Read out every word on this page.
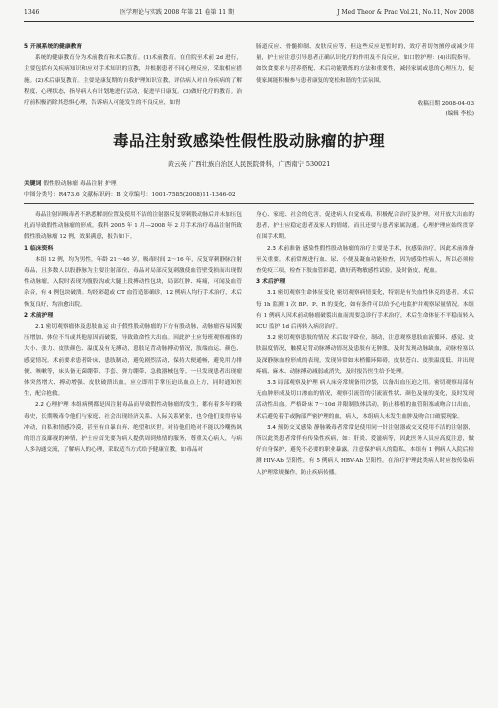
1346	医学理论与实践 2008 年第 21 卷第 11 期	J Med Theor & Prac Vol.21, No.11, Nov 2008
5 开展系统的健康教育

系统的健康教育分为术前教育和术后教育。(1)术前教育。在住院至术前 2d 进行，主要包括有关疾病知识和应对手术知识的宣教，并根据患者不同心理反应，采取相应措施。(2)术后康复教育。主要是康复期的自我护理知识宣教，评估病人对自身疾病的了解程度、心理状态，指导病人有计划地进行活动，促进早日康复。(3)做好化疗的教育。治疗前积极消除其恐惧心理，告诉病人可能发生的不良反应，如胃

肠道反应、骨髓抑制、皮肤反应等，但这些反应是暂时的，效疗者切勿擅停或减少用量，护士应注意引导患者正确认识化疗的作用及不良反应，如口腔护理：(4)出院指导。如饮食要求与营养搭配、术后功能锻炼的方法和重要性，减轻家属或患的心理压力，促使家属能积极参与患者康复的宽松和谐的生活氛围。

收稿日期 2008-04-03
(编辑 李松)
毒品注射致感染性假性股动脉瘤的护理
黄云英 广西壮族自治区人民医院骨科，广西南宁 530021
关键词 假性股动脉瘤 毒品注射 护理
中图分类号：R473.6 文献标识码：B 文章编号：1001-7585(2008)11-1346-02

毒品注射因吸毒者不熟悉解剖位置及使用不洁的注射器反复穿刺股动脉后并未加压包扎而导致假性动脉瘤的形成。我科 2005 年 1 月—2008 年 2 月手术治疗毒品注射所致假性股动脉瘤 12 例，效果满意，报告如下。

1 临床资料

本组 12 例，均为男性，年龄 21～46 岁，吸毒时间 2～16 年，反复穿刺静脉注射毒品，且多数人以股静脉为主要注射部位，毒品对局部反复刺激使血管壁受损而出现假性动脉瘤。入院时表现为腹股沟或大腿上段搏动性包块，局部红肿、疼痛，可闻及血管杂音，有 4 例包块破溃。均经彩超或 CT 血管造影确诊，12 例病人均行手术治疗，术后恢复良好，均治愈出院。

2 术前护理

2.1 密切观察瘤体及患肢血运 由于假性股动脉瘤的下方有股动脉，动脉瘤容易因腹压增加、体位不当或其他原因而破裂，导致致命性大出血。因此护士应每班观察瘤体的大小、张力、皮肤颜色、温度及有无搏动，患肢足背动脉搏动情况，肢端血运、颜色、感觉情况。术前要求患者卧床，患肢制动，避免剧烈活动，保持大便通畅，避免用力排便、咳嗽等，床头备无菌绷带、手套、弹力绷带、急救器械包等。一旦发现患者出现瘤体突然增大、搏动增强、皮肤破溃出血，应立即用手掌压迫出血点上方，同时通知医生，配合抢救。

2.2 心理护理 本组病例都是因注射毒品而导致假性动脉瘤的发生，都有着多年的吸毒史，长期吸毒令他们与家庭、社会出现经济关系、人际关系紧张，也令他们变得容易冲动，自私和情感冷漠，甚至有自暴自弃、绝望和厌世。对待他们绝对不能以冷嘲热讽的语言及鄙视的神情，护士应首先要为病人提供周到热情的服务，尊重关心病人，与病人多沟通交流，了解病人的心理，采取适当方式给予健康宣教，如毒品对

身心、家庭、社会的危害，促进病人自觉戒毒，积极配合治疗及护理。对开放大出血的患者，护士应稳定患者及家人的情绪，而且还要与患者家属沟通。心理护理应始终贯穿在围手术期。

2.3 术前准备 感染性假性股动脉瘤的治疗主要是手术，抗感染治疗，因此术前准备至关重要。术前常规进行血、尿、小便及凝血功能检查，因为感染性病人，所以必须检查免疫三项，检查下肢血管彩超，做好药物敏感性试验，及时备皮，配血。

3 术后护理

3.1 密切观察生命体征变化 密切观察病情变化，特别是有失血性休克的患者。术后每 1h 监测 1 次 BP、P、R 的变化，如有条件可以给予心电监护并观察尿量情况。本组有 1 例病人因术前动脉瘤破裂出血而需要急诊行手术治疗，术后生命体征不平稳而转入 ICU 监护 1d 后再转入病房治疗。

3.2 密切观察患肢的情况 术后取平卧位，制动，注意观察患肢血液循环、感觉、皮肤温度情况，触摸足背动脉搏动情况及患肢有无肿胀，及时发现动脉缺血，动脉栓塞以及深静脉血栓形成的表现，发现异常如末梢循环障碍，皮肤苍白、皮肤温度低、并出现疼痛、麻木、动脉搏动减弱或消失，及时报告医生给予处理。

3.3 局部观察及护理 病人床旁常规备用沙袋，以备出血压迫之用。密切观察局部有无血肿形成及切口渗血的情况，观察引流管的引流液性状、颜色及量的变化，及时发现活动性出血。严格卧床 7～10d 并限制肢体活动，防止移植的血管阻塞或吻合口出血，术后避免着手或胸部严密护理的血，病人，本组病人未发生血肿及吻合口破裂现象。

3.4 预防交叉感染 静脉吸毒者常常是使用同一针注射器或交叉使用不洁的注射器，所以此类患者常伴有传染性疾病，如：肝炎、爱滋病等，因此医务人员应高度注意，做好自身保护，避免不必要的职业暴露。注意保护病人的隐私，本组有 1 例病人入院后检测 HIV-Ab 呈阳性，有 5 例病人 HBV-Ab 呈阳性。在治疗护理此类病人时应按传染病人护理常规操作，防止疾病传播。
